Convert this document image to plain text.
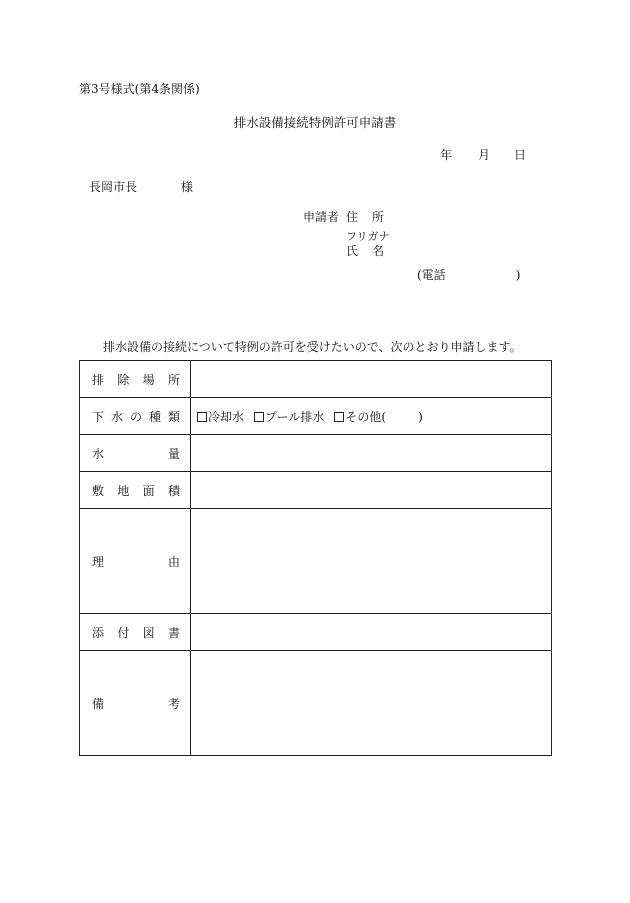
第3号様式(第4条関係)
排水設備接続特例許可申請書
年 月 日
長岡市長	様
申請者 住所
フリガナ
氏名
(電話	)
排水設備の接続について特例の許可を受けたいので、次のとおり申請します。
排 除 場 所	

下 水 の 種 類	冷却水 プール排水 その他( )

水 量	

敷 地 面 積	

理 由	

添 付 図 書	

備 考	
